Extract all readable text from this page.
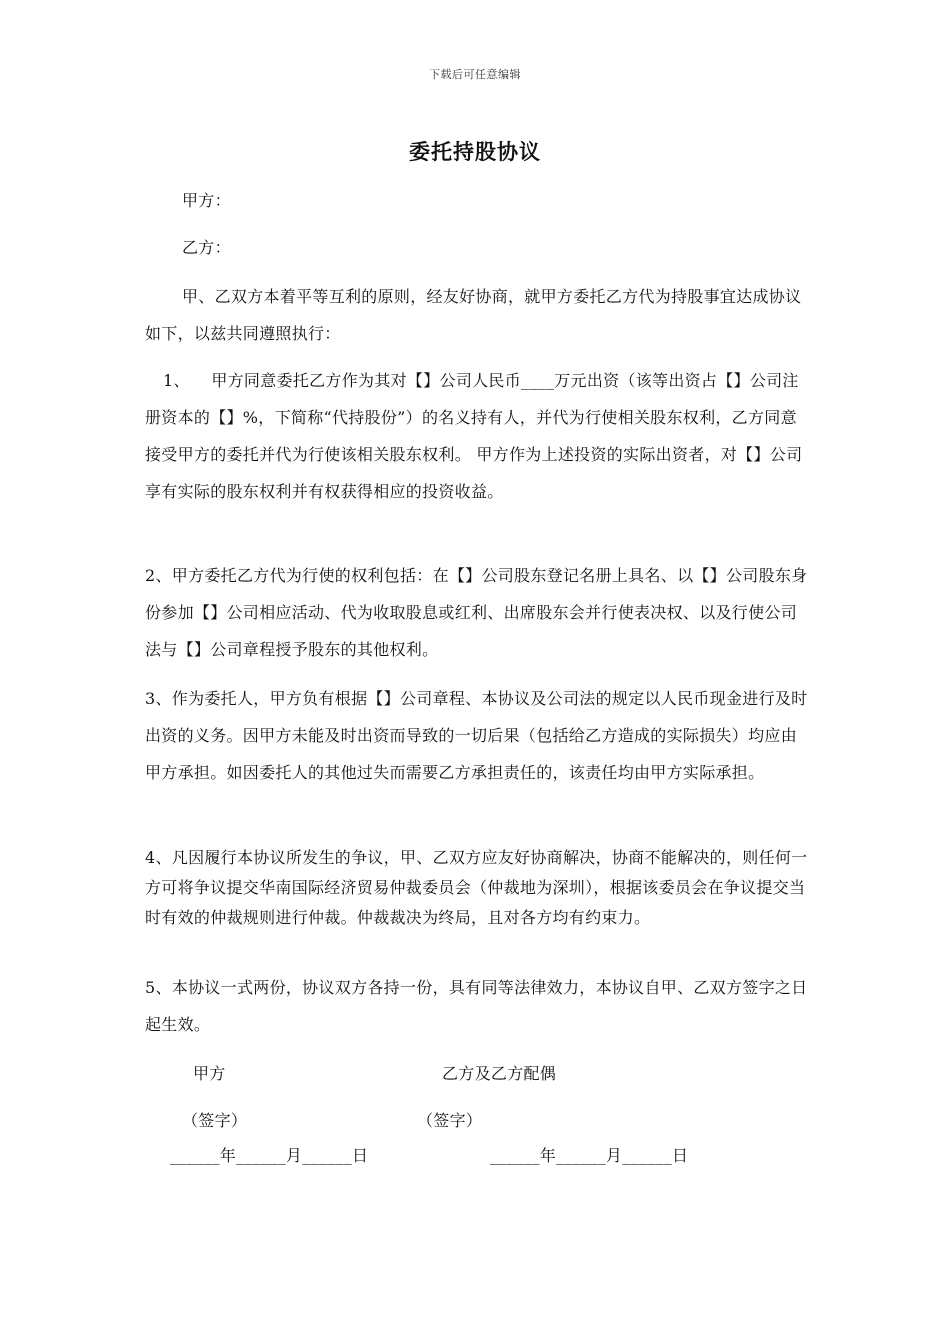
下载后可任意编辑
委托持股协议

甲方：

乙方：

甲、乙双方本着平等互利的原则，经友好协商，就甲方委托乙方代为持股事宜达成协议如下，以兹共同遵照执行：

1、    甲方同意委托乙方作为其对【】公司人民币____万元出资（该等出资占【】公司注册资本的【】%，下简称“代持股份”）的名义持有人，并代为行使相关股东权利，乙方同意接受甲方的委托并代为行使该相关股东权利。 甲方作为上述投资的实际出资者，对【】公司享有实际的股东权利并有权获得相应的投资收益。

2、甲方委托乙方代为行使的权利包括：在【】公司股东登记名册上具名、以【】公司股东身份参加【】公司相应活动、代为收取股息或红利、出席股东会并行使表决权、以及行使公司法与【】公司章程授予股东的其他权利。

3、作为委托人，甲方负有根据【】公司章程、本协议及公司法的规定以人民币现金进行及时出资的义务。因甲方未能及时出资而导致的一切后果（包括给乙方造成的实际损失）均应由甲方承担。如因委托人的其他过失而需要乙方承担责任的，该责任均由甲方实际承担。

4、凡因履行本协议所发生的争议，甲、乙双方应友好协商解决，协商不能解决的，则任何一方可将争议提交华南国际经济贸易仲裁委员会（仲裁地为深圳），根据该委员会在争议提交当时有效的仲裁规则进行仲裁。仲裁裁决为终局，且对各方均有约束力。

5、本协议一式两份，协议双方各持一份，具有同等法律效力，本协议自甲、乙双方签字之日起生效。

甲方	乙方及乙方配偶
（签字）	（签字）
______年______月______日	______年______月______日
